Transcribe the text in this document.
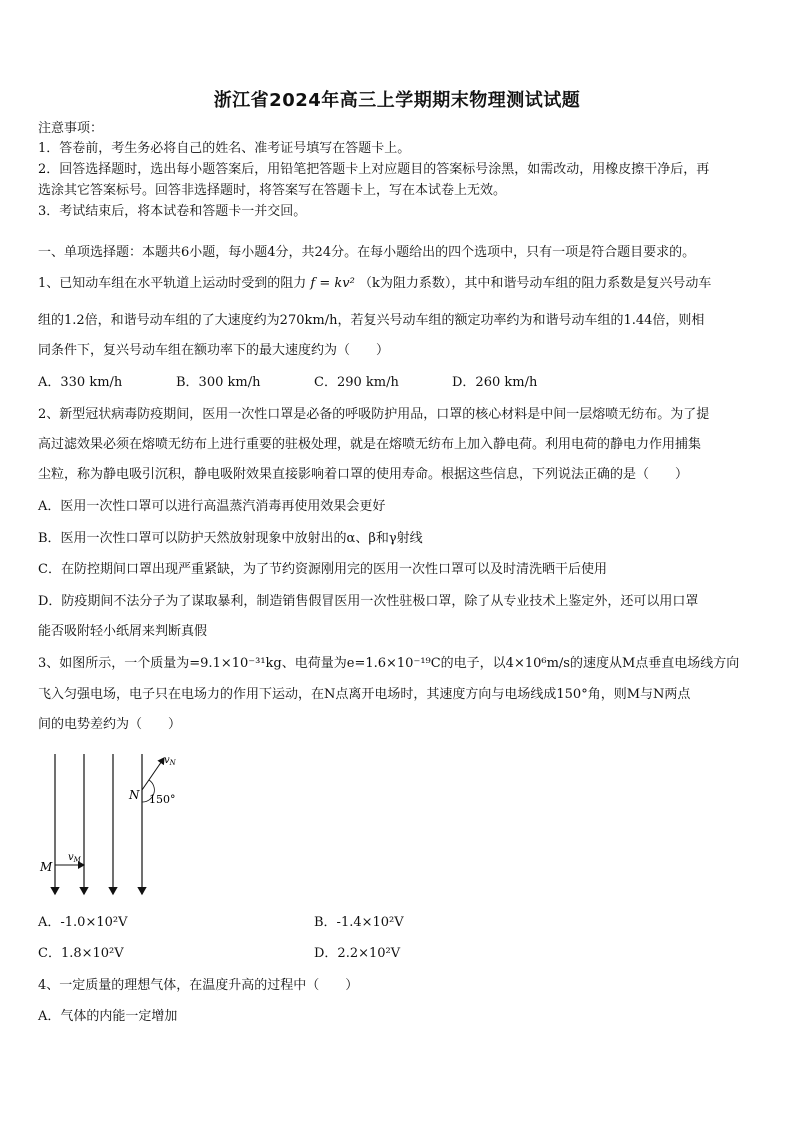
浙江省2024年高三上学期期末物理测试试题
注意事项：
1．答卷前，考生务必将自己的姓名、准考证号填写在答题卡上。
2．回答选择题时，选出每小题答案后，用铅笔把答题卡上对应题目的答案标号涂黑，如需改动，用橡皮擦干净后，再
选涂其它答案标号。回答非选择题时，将答案写在答题卡上，写在本试卷上无效。
3．考试结束后，将本试卷和答题卡一并交回。
一、单项选择题：本题共6小题，每小题4分，共24分。在每小题给出的四个选项中，只有一项是符合题目要求的。
1、已知动车组在水平轨道上运动时受到的阻力 f = kv² （k为阻力系数），其中和谐号动车组的阻力系数是复兴号动车
组的1.2倍，和谐号动车组的了大速度约为270km/h，若复兴号动车组的额定功率约为和谐号动车组的1.44倍，则相
同条件下，复兴号动车组在额功率下的最大速度约为（　　）
A．330 km/h	B．300 km/h	C．290 km/h	D．260 km/h
2、新型冠状病毒防疫期间，医用一次性口罩是必备的呼吸防护用品，口罩的核心材料是中间一层熔喷无纺布。为了提
高过滤效果必须在熔喷无纺布上进行重要的驻极处理，就是在熔喷无纺布上加入静电荷。利用电荷的静电力作用捕集
尘粒，称为静电吸引沉积，静电吸附效果直接影响着口罩的使用寿命。根据这些信息，下列说法正确的是（　　）
A．医用一次性口罩可以进行高温蒸汽消毒再使用效果会更好
B．医用一次性口罩可以防护天然放射现象中放射出的α、β和γ射线
C．在防控期间口罩出现严重紧缺，为了节约资源刚用完的医用一次性口罩可以及时清洗晒干后使用
D．防疫期间不法分子为了谋取暴利，制造销售假冒医用一次性驻极口罩，除了从专业技术上鉴定外，还可以用口罩
能否吸附轻小纸屑来判断真假
3、如图所示，一个质量为=9.1×10⁻³¹kg、电荷量为e=1.6×10⁻¹⁹C的电子，以4×10⁶m/s的速度从M点垂直电场线方向
飞入匀强电场，电子只在电场力的作用下运动，在N点离开电场时，其速度方向与电场线成150°角，则M与N两点
间的电势差约为（　　）
M
$v_M$
$v_N$
N 150°
A．-1.0×10²V	B．-1.4×10²V
C．1.8×10²V	D．2.2×10²V
4、一定质量的理想气体，在温度升高的过程中（　　）
A．气体的内能一定增加
